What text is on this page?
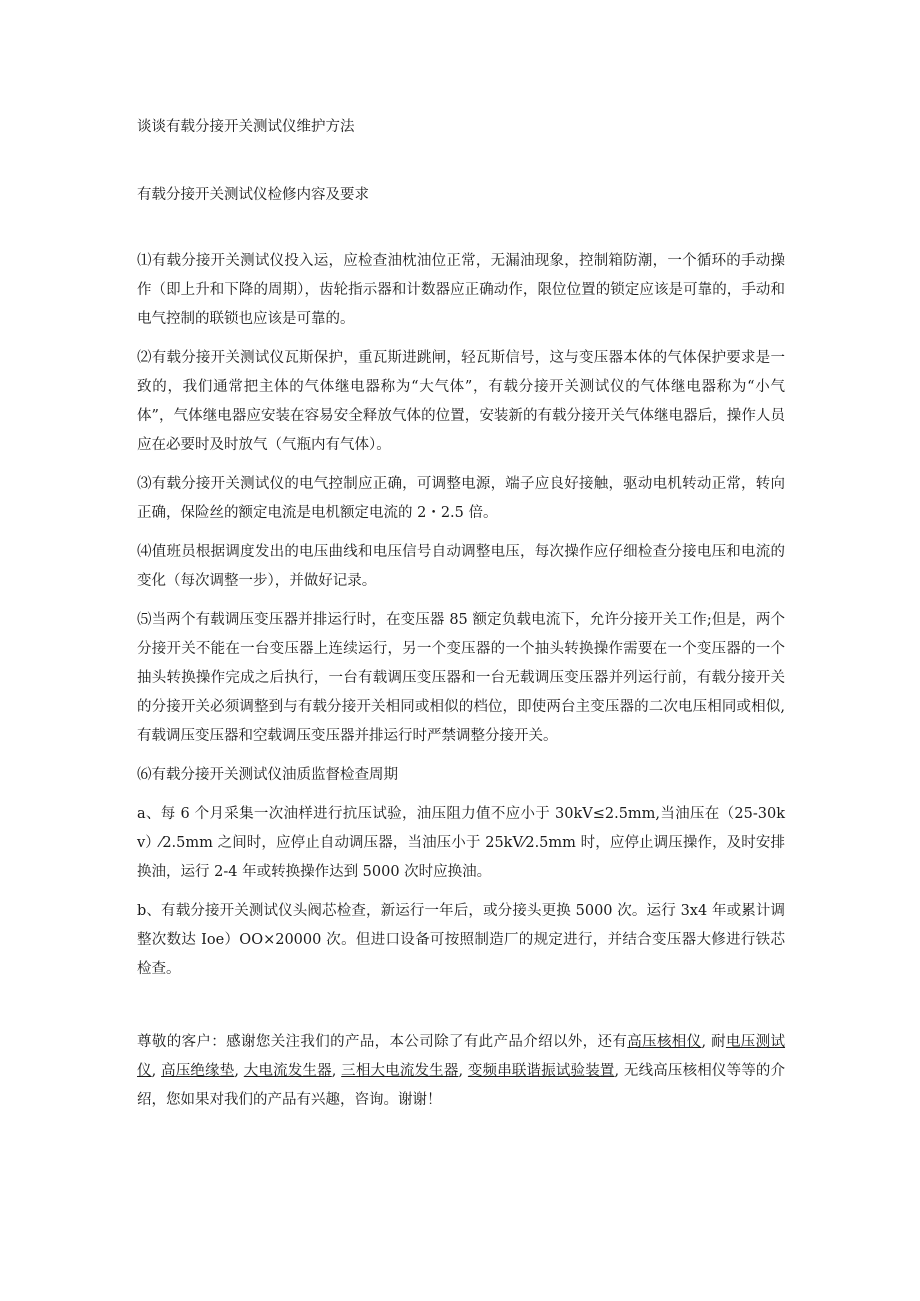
谈谈有载分接开关测试仪维护方法
有载分接开关测试仪检修内容及要求

⑴有载分接开关测试仪投入运，应检查油枕油位正常，无漏油现象，控制箱防潮，一个循环的手动操作（即上升和下降的周期），齿轮指示器和计数器应正确动作，限位位置的锁定应该是可靠的，手动和电气控制的联锁也应该是可靠的。

⑵有载分接开关测试仪瓦斯保护，重瓦斯进跳闸，轻瓦斯信号，这与变压器本体的气体保护要求是一致的，我们通常把主体的气体继电器称为“大气体”，有载分接开关测试仪的气体继电器称为“小气体”，气体继电器应安装在容易安全释放气体的位置，安装新的有载分接开关气体继电器后，操作人员应在必要时及时放气（气瓶内有气体）。

⑶有载分接开关测试仪的电气控制应正确，可调整电源，端子应良好接触，驱动电机转动正常，转向正确，保险丝的额定电流是电机额定电流的 2・2.5 倍。

⑷值班员根据调度发出的电压曲线和电压信号自动调整电压，每次操作应仔细检查分接电压和电流的变化（每次调整一步），并做好记录。

⑸当两个有载调压变压器并排运行时，在变压器 85 额定负载电流下，允许分接开关工作;但是，两个分接开关不能在一台变压器上连续运行，另一个变压器的一个抽头转换操作需要在一个变压器的一个抽头转换操作完成之后执行，一台有载调压变压器和一台无载调压变压器并列运行前，有载分接开关的分接开关必须调整到与有载分接开关相同或相似的档位，即使两台主变压器的二次电压相同或相似,有载调压变压器和空载调压变压器并排运行时严禁调整分接开关。

⑹有载分接开关测试仪油质监督检查周期

a、每 6 个月采集一次油样进行抗压试验，油压阻力值不应小于 30kV≤2.5mm,当油压在（25-30kv）⁄2.5mm 之间时，应停止自动调压器，当油压小于 25kV⁄2.5mm 时，应停止调压操作，及时安排换油，运行 2-4 年或转换操作达到 5000 次时应换油。

b、有载分接开关测试仪头阀芯检查，新运行一年后，或分接头更换 5000 次。运行 3x4 年或累计调整次数达 Ioe）OO×20000 次。但进口设备可按照制造厂的规定进行，并结合变压器大修进行铁芯检查。

尊敬的客户：感谢您关注我们的产品，本公司除了有此产品介绍以外，还有高压核相仪, 耐电压测试仪, 高压绝缘垫, 大电流发生器, 三相大电流发生器, 变频串联谐振试验装置, 无线高压核相仪等等的介绍，您如果对我们的产品有兴趣，咨询。谢谢！
